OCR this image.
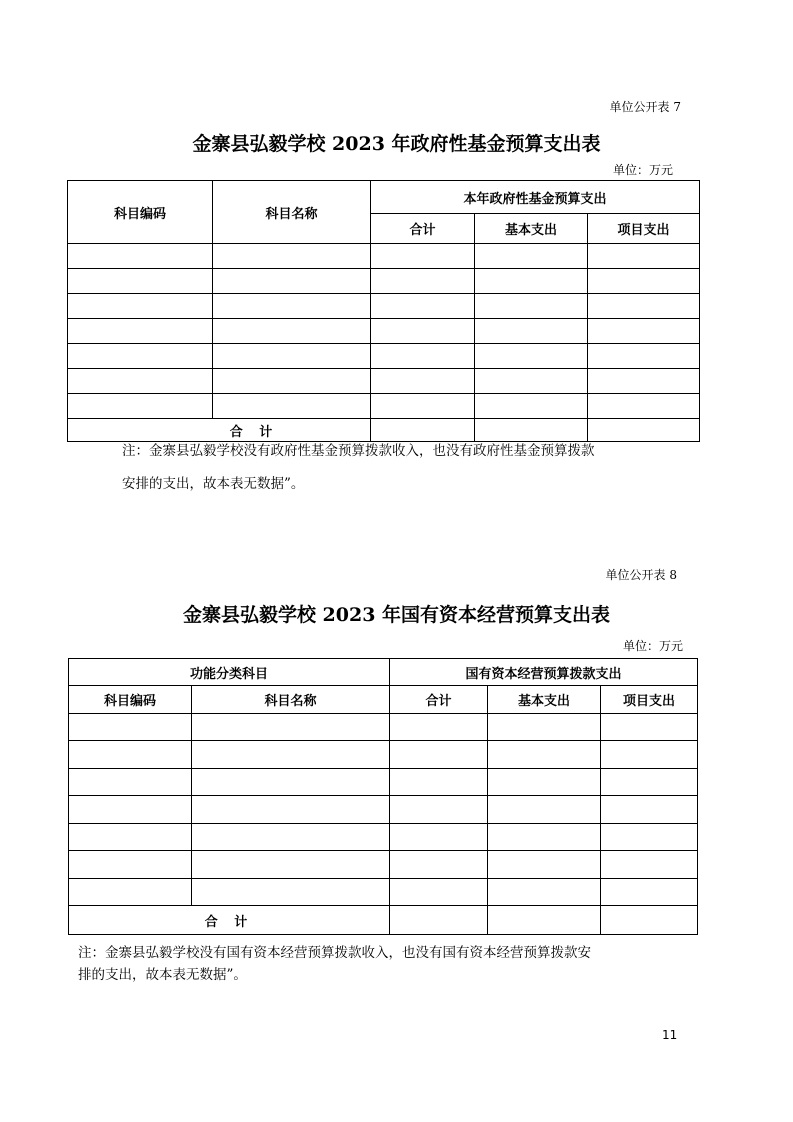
单位公开表 7
金寨县弘毅学校 2023 年政府性基金预算支出表
单位：万元
科目编码	科目名称	本年政府性基金预算支出		
		合计	基本支出	项目支出

合 计				
注：金寨县弘毅学校没有政府性基金预算拨款收入，也没有政府性基金预算拨款
安排的支出，故本表无数据”。
单位公开表 8
金寨县弘毅学校 2023 年国有资本经营预算支出表
单位：万元
功能分类科目		国有资本经营预算拨款支出		
科目编码	科目名称	合计	基本支出	项目支出

合 计				
注：金寨县弘毅学校没有国有资本经营预算拨款收入，也没有国有资本经营预算拨款安
排的支出，故本表无数据”。
11
